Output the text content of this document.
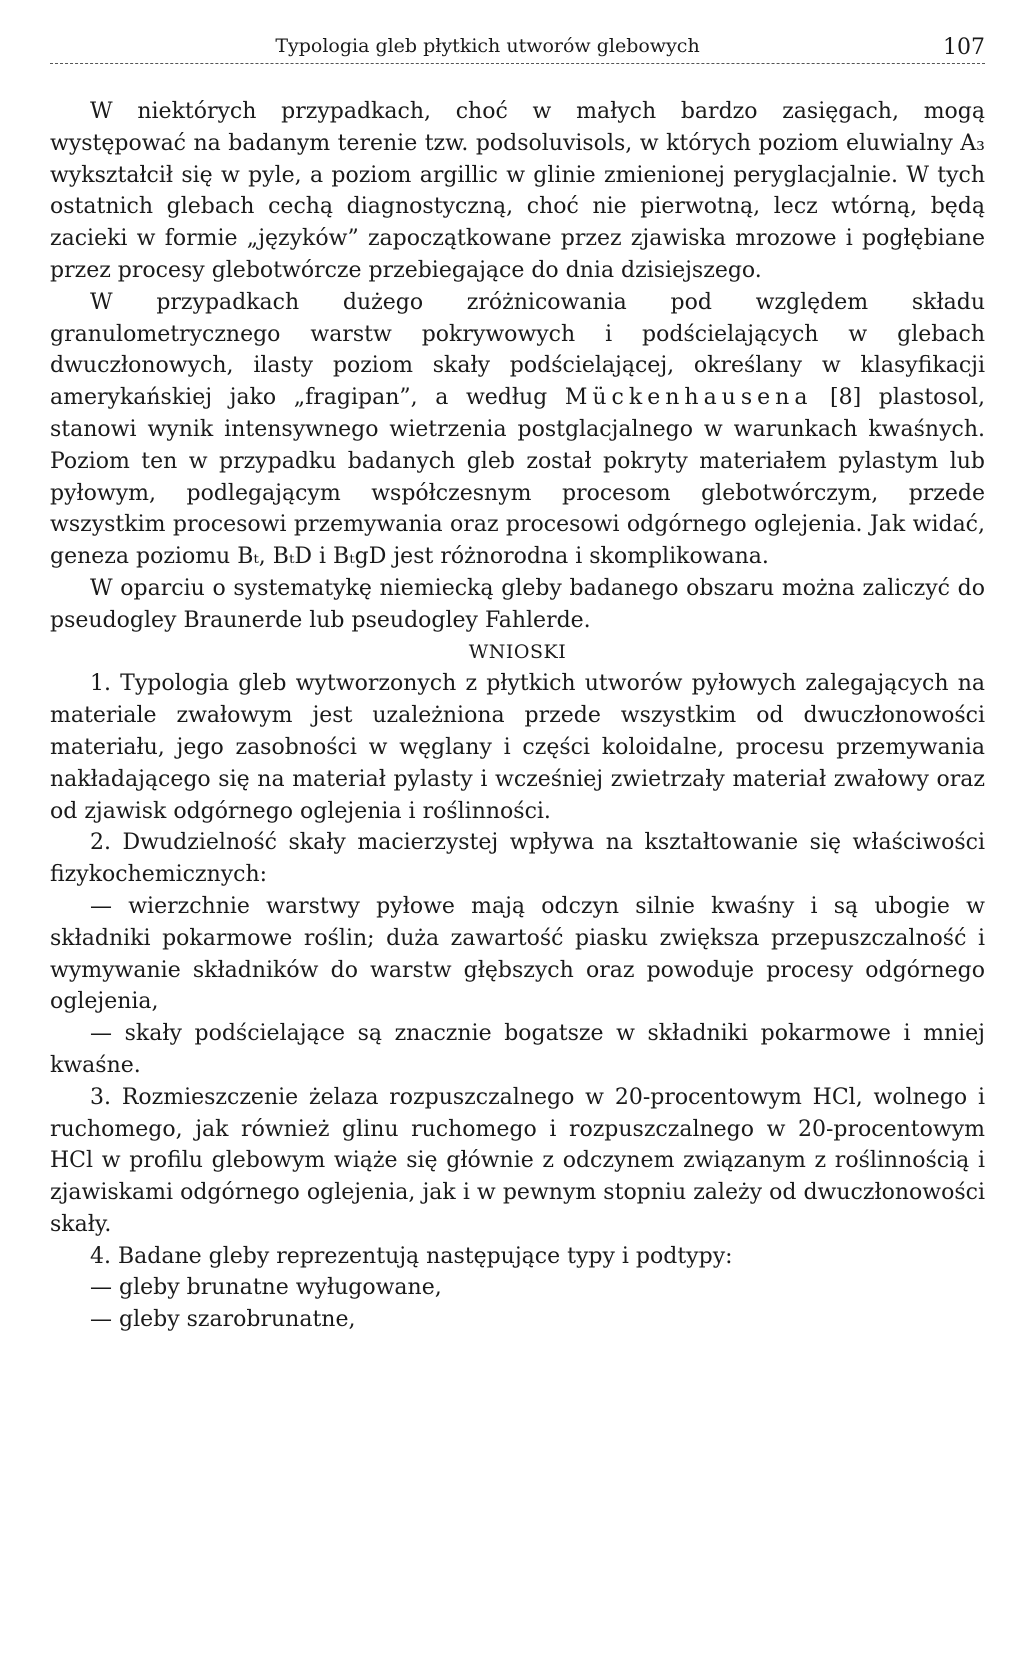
Typologia gleb płytkich utworów glebowych	107

W niektórych przypadkach, choć w małych bardzo zasięgach, mogą występować na badanym terenie tzw. podsoluvisols, w których poziom eluwialny A₃ wykształcił się w pyle, a poziom argillic w glinie zmienionej peryglacjalnie. W tych ostatnich glebach cechą diagnostyczną, choć nie pierwotną, lecz wtórną, będą zacieki w formie „języków” zapoczątkowane przez zjawiska mrozowe i pogłębiane przez procesy glebotwórcze przebiegające do dnia dzisiejszego.

W przypadkach dużego zróżnicowania pod względem składu granulometrycznego warstw pokrywowych i podścielających w glebach dwuczłonowych, ilasty poziom skały podścielającej, określany w klasyfikacji amerykańskiej jako „fragipan”, a według Mückenhausena [8] plastosol, stanowi wynik intensywnego wietrzenia postglacjalnego w warunkach kwaśnych. Poziom ten w przypadku badanych gleb został pokryty materiałem pylastym lub pyłowym, podlegającym współczesnym procesom glebotwórczym, przede wszystkim procesowi przemywania oraz procesowi odgórnego oglejenia. Jak widać, geneza poziomu Bₜ, BₜD i BₜgD jest różnorodna i skomplikowana.

W oparciu o systematykę niemiecką gleby badanego obszaru można zaliczyć do pseudogley Braunerde lub pseudogley Fahlerde.

WNIOSKI

1. Typologia gleb wytworzonych z płytkich utworów pyłowych zalegających na materiale zwałowym jest uzależniona przede wszystkim od dwuczłonowości materiału, jego zasobności w węglany i części koloidalne, procesu przemywania nakładającego się na materiał pylasty i wcześniej zwietrzały materiał zwałowy oraz od zjawisk odgórnego oglejenia i roślinności.

2. Dwudzielność skały macierzystej wpływa na kształtowanie się właściwości fizykochemicznych:

— wierzchnie warstwy pyłowe mają odczyn silnie kwaśny i są ubogie w składniki pokarmowe roślin; duża zawartość piasku zwiększa przepuszczalność i wymywanie składników do warstw głębszych oraz powoduje procesy odgórnego oglejenia,

— skały podścielające są znacznie bogatsze w składniki pokarmowe i mniej kwaśne.

3. Rozmieszczenie żelaza rozpuszczalnego w 20-procentowym HCl, wolnego i ruchomego, jak również glinu ruchomego i rozpuszczalnego w 20-procentowym HCl w profilu glebowym wiąże się głównie z odczynem związanym z roślinnością i zjawiskami odgórnego oglejenia, jak i w pewnym stopniu zależy od dwuczłonowości skały.

4. Badane gleby reprezentują następujące typy i podtypy:

— gleby brunatne wyługowane,

— gleby szarobrunatne,
